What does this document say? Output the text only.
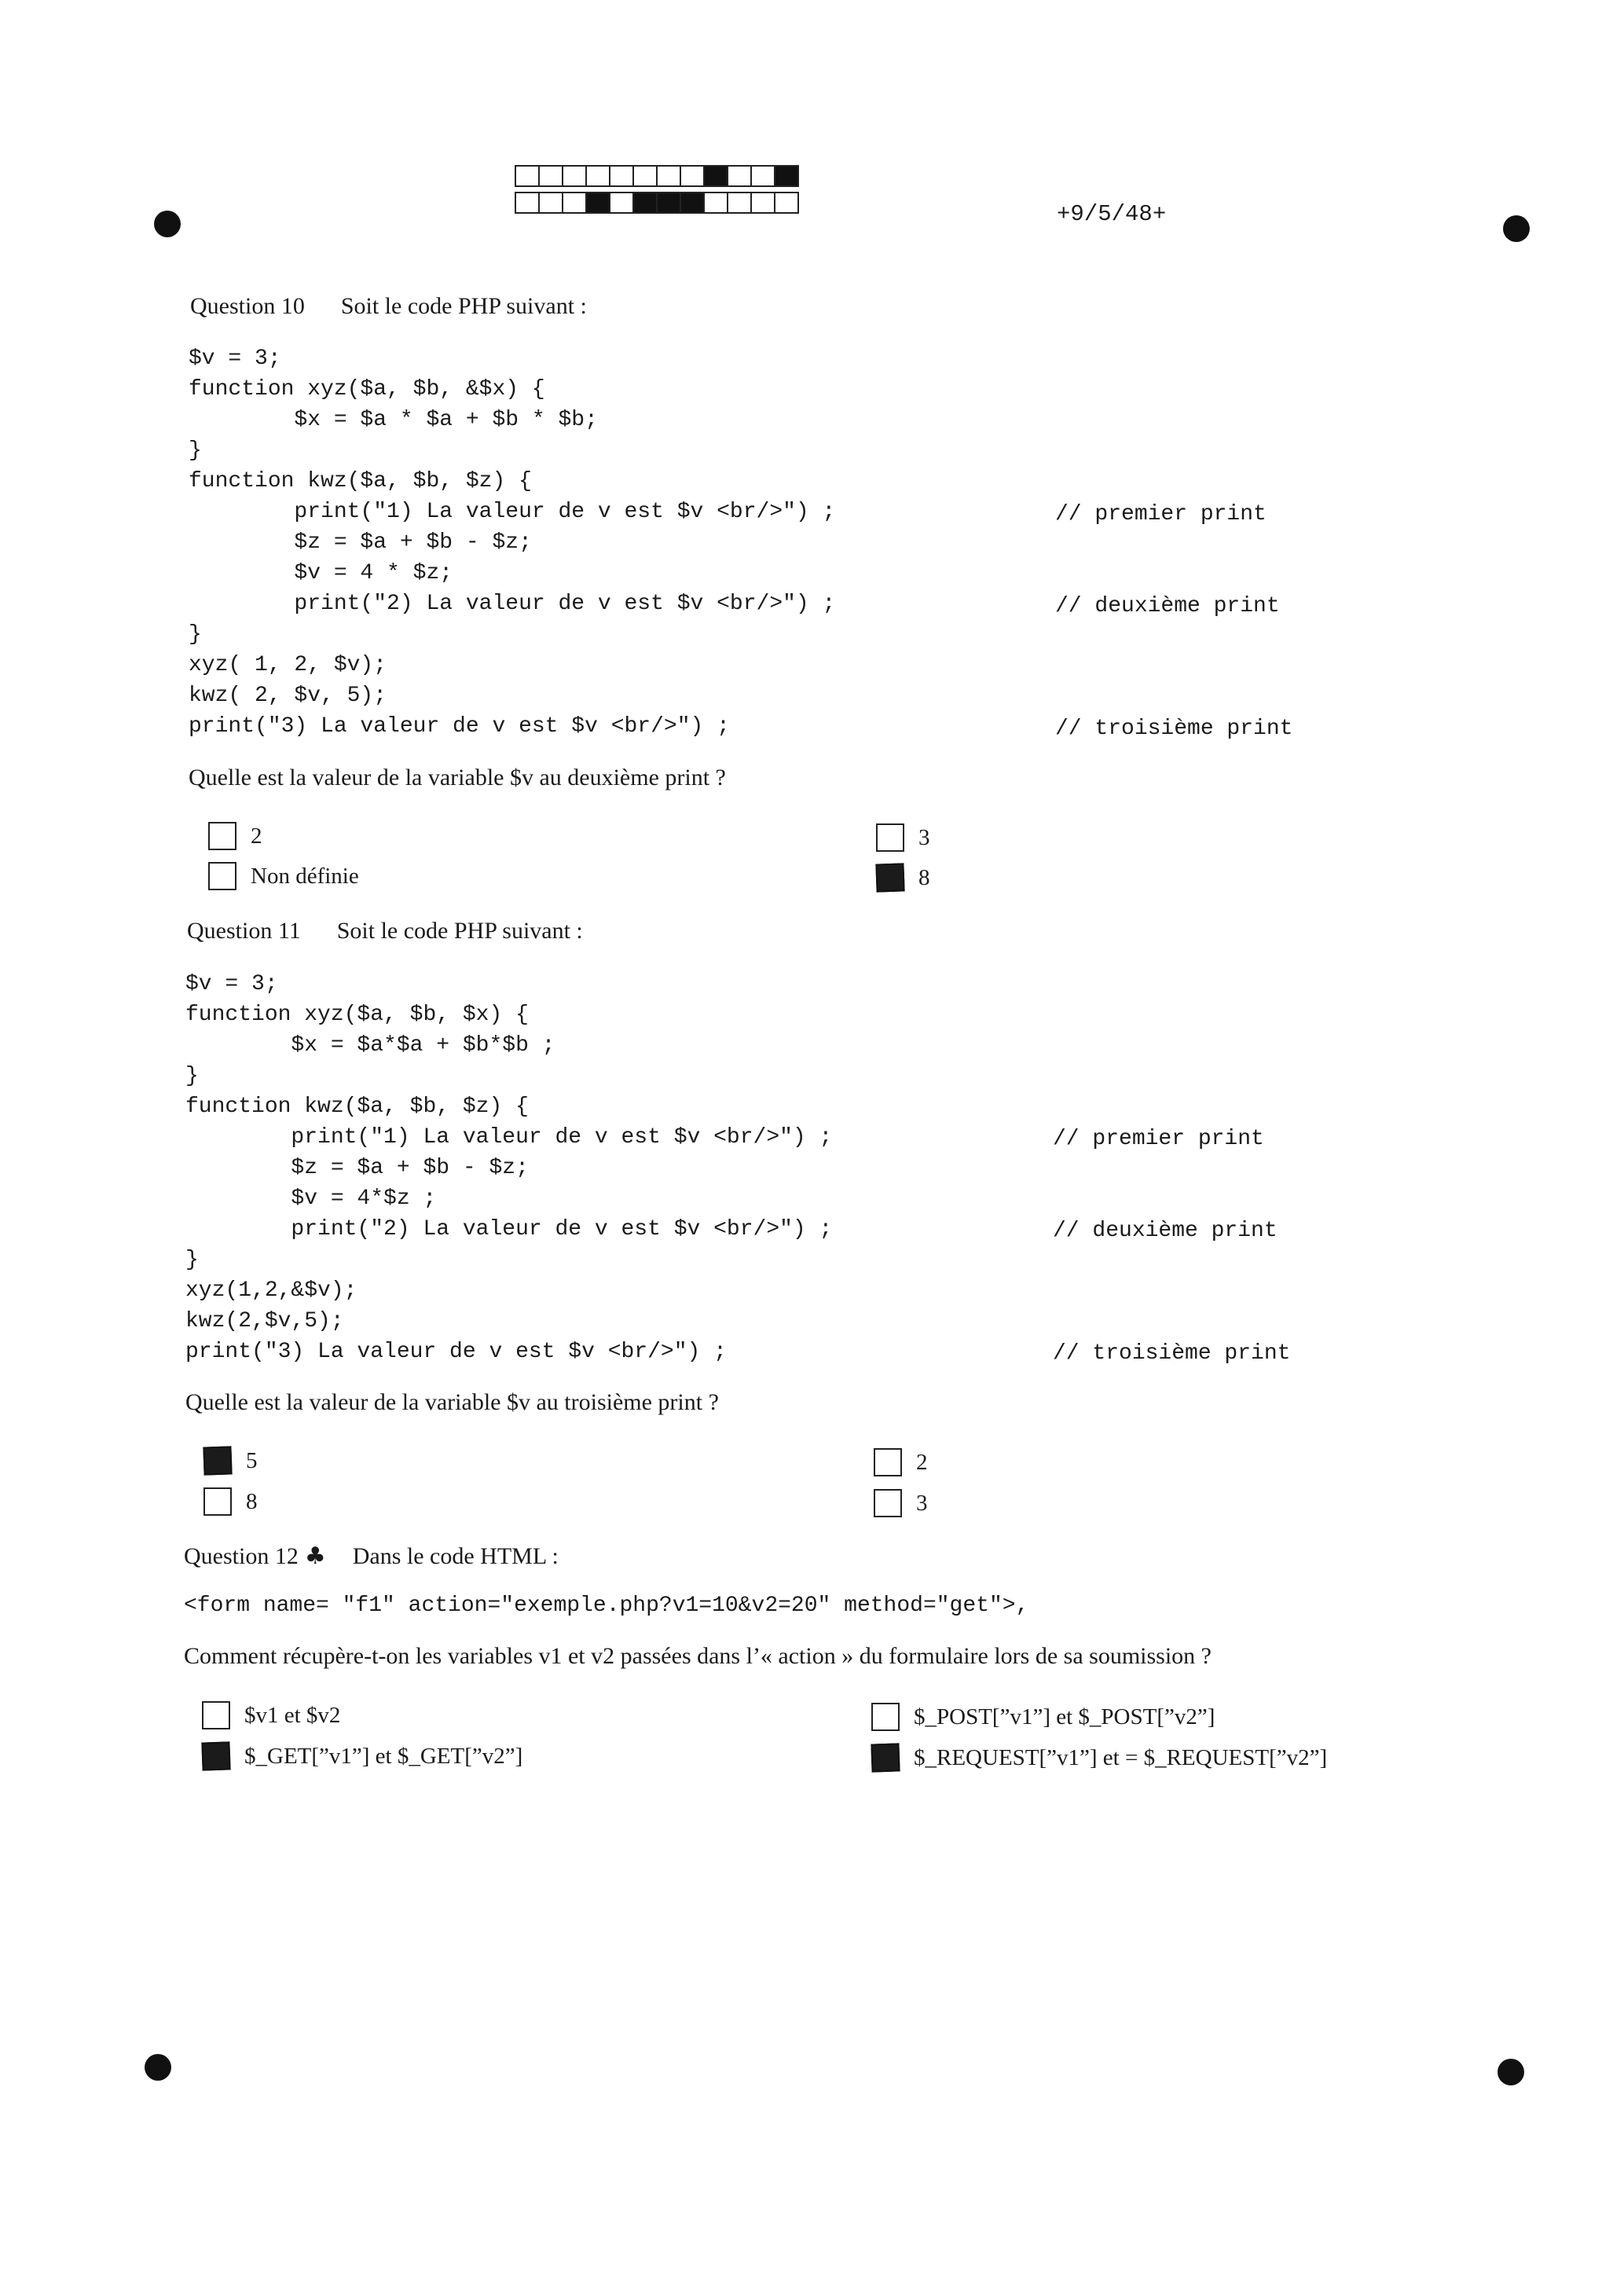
+9/5/48+
Question 10 Soit le code PHP suivant :
$v = 3;
function xyz($a, $b, &$x) {
$x = $a * $a + $b * $b;
}
function kwz($a, $b, $z) {
print("1) La valeur de v est $v <br/>") ;
$z = $a + $b - $z;
$v = 4 * $z;
print("2) La valeur de v est $v <br/>") ;
}
xyz( 1, 2, $v);
kwz( 2, $v, 5);
print("3) La valeur de v est $v <br/>") ;
// premier print
// deuxième print
// troisième print
Quelle est la valeur de la variable $v au deuxième print ?
2	3
Non définie	8
Question 11 Soit le code PHP suivant :
$v = 3;
function xyz($a, $b, $x) {
$x = $a*$a + $b*$b ;
}
function kwz($a, $b, $z) {
print("1) La valeur de v est $v <br/>") ;
$z = $a + $b - $z;
$v = 4*$z ;
print("2) La valeur de v est $v <br/>") ;
}
xyz(1,2,&$v);
kwz(2,$v,5);
print("3) La valeur de v est $v <br/>") ;
// premier print
// deuxième print
// troisième print
Quelle est la valeur de la variable $v au troisième print ?
5	2
8	3
Question 12 ♣ Dans le code HTML :
<form name= "f1" action="exemple.php?v1=10&v2=20" method="get">,
Comment récupère-t-on les variables v1 et v2 passées dans l’« action » du formulaire lors de sa soumission ?
$v1 et $v2	$_POST[”v1”] et $_POST[”v2”]
$_GET[”v1”] et $_GET[”v2”]	$_REQUEST[”v1”] et = $_REQUEST[”v2”]
